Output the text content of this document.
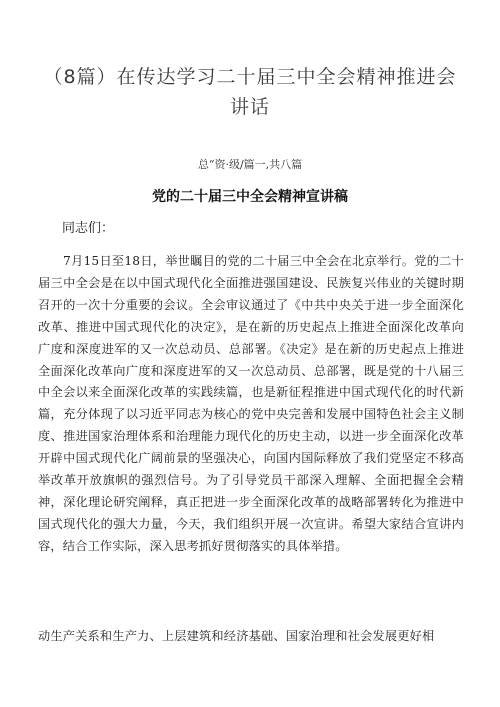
（8篇）在传达学习二十届三中全会精神推进会讲话

总“资·级/篇一,共八篇

党的二十届三中全会精神宣讲稿

同志们：

7月15日至18日，举世瞩目的党的二十届三中全会在北京举行。党的二十届三中全会是在以中国式现代化全面推进强国建设、民族复兴伟业的关键时期召开的一次十分重要的会议。全会审议通过了《中共中央关于进一步全面深化改革、推进中国式现代化的决定》，是在新的历史起点上推进全面深化改革向广度和深度进军的又一次总动员、总部署。《决定》是在新的历史起点上推进全面深化改革向广度和深度进军的又一次总动员、总部署，既是党的十八届三中全会以来全面深化改革的实践续篇，也是新征程推进中国式现代化的时代新篇，充分体现了以习近平同志为核心的党中央完善和发展中国特色社会主义制度、推进国家治理体系和治理能力现代化的历史主动，以进一步全面深化改革开辟中国式现代化广阔前景的坚强决心，向国内国际释放了我们党坚定不移高举改革开放旗帜的强烈信号。为了引导党员干部深入理解、全面把握全会精神，深化理论研究阐释，真正把进一步全面深化改革的战略部署转化为推进中国式现代化的强大力量，今天，我们组织开展一次宣讲。希望大家结合宣讲内容，结合工作实际，深入思考抓好贯彻落实的具体举措。

动生产关系和生产力、上层建筑和经济基础、国家治理和社会发展更好相
